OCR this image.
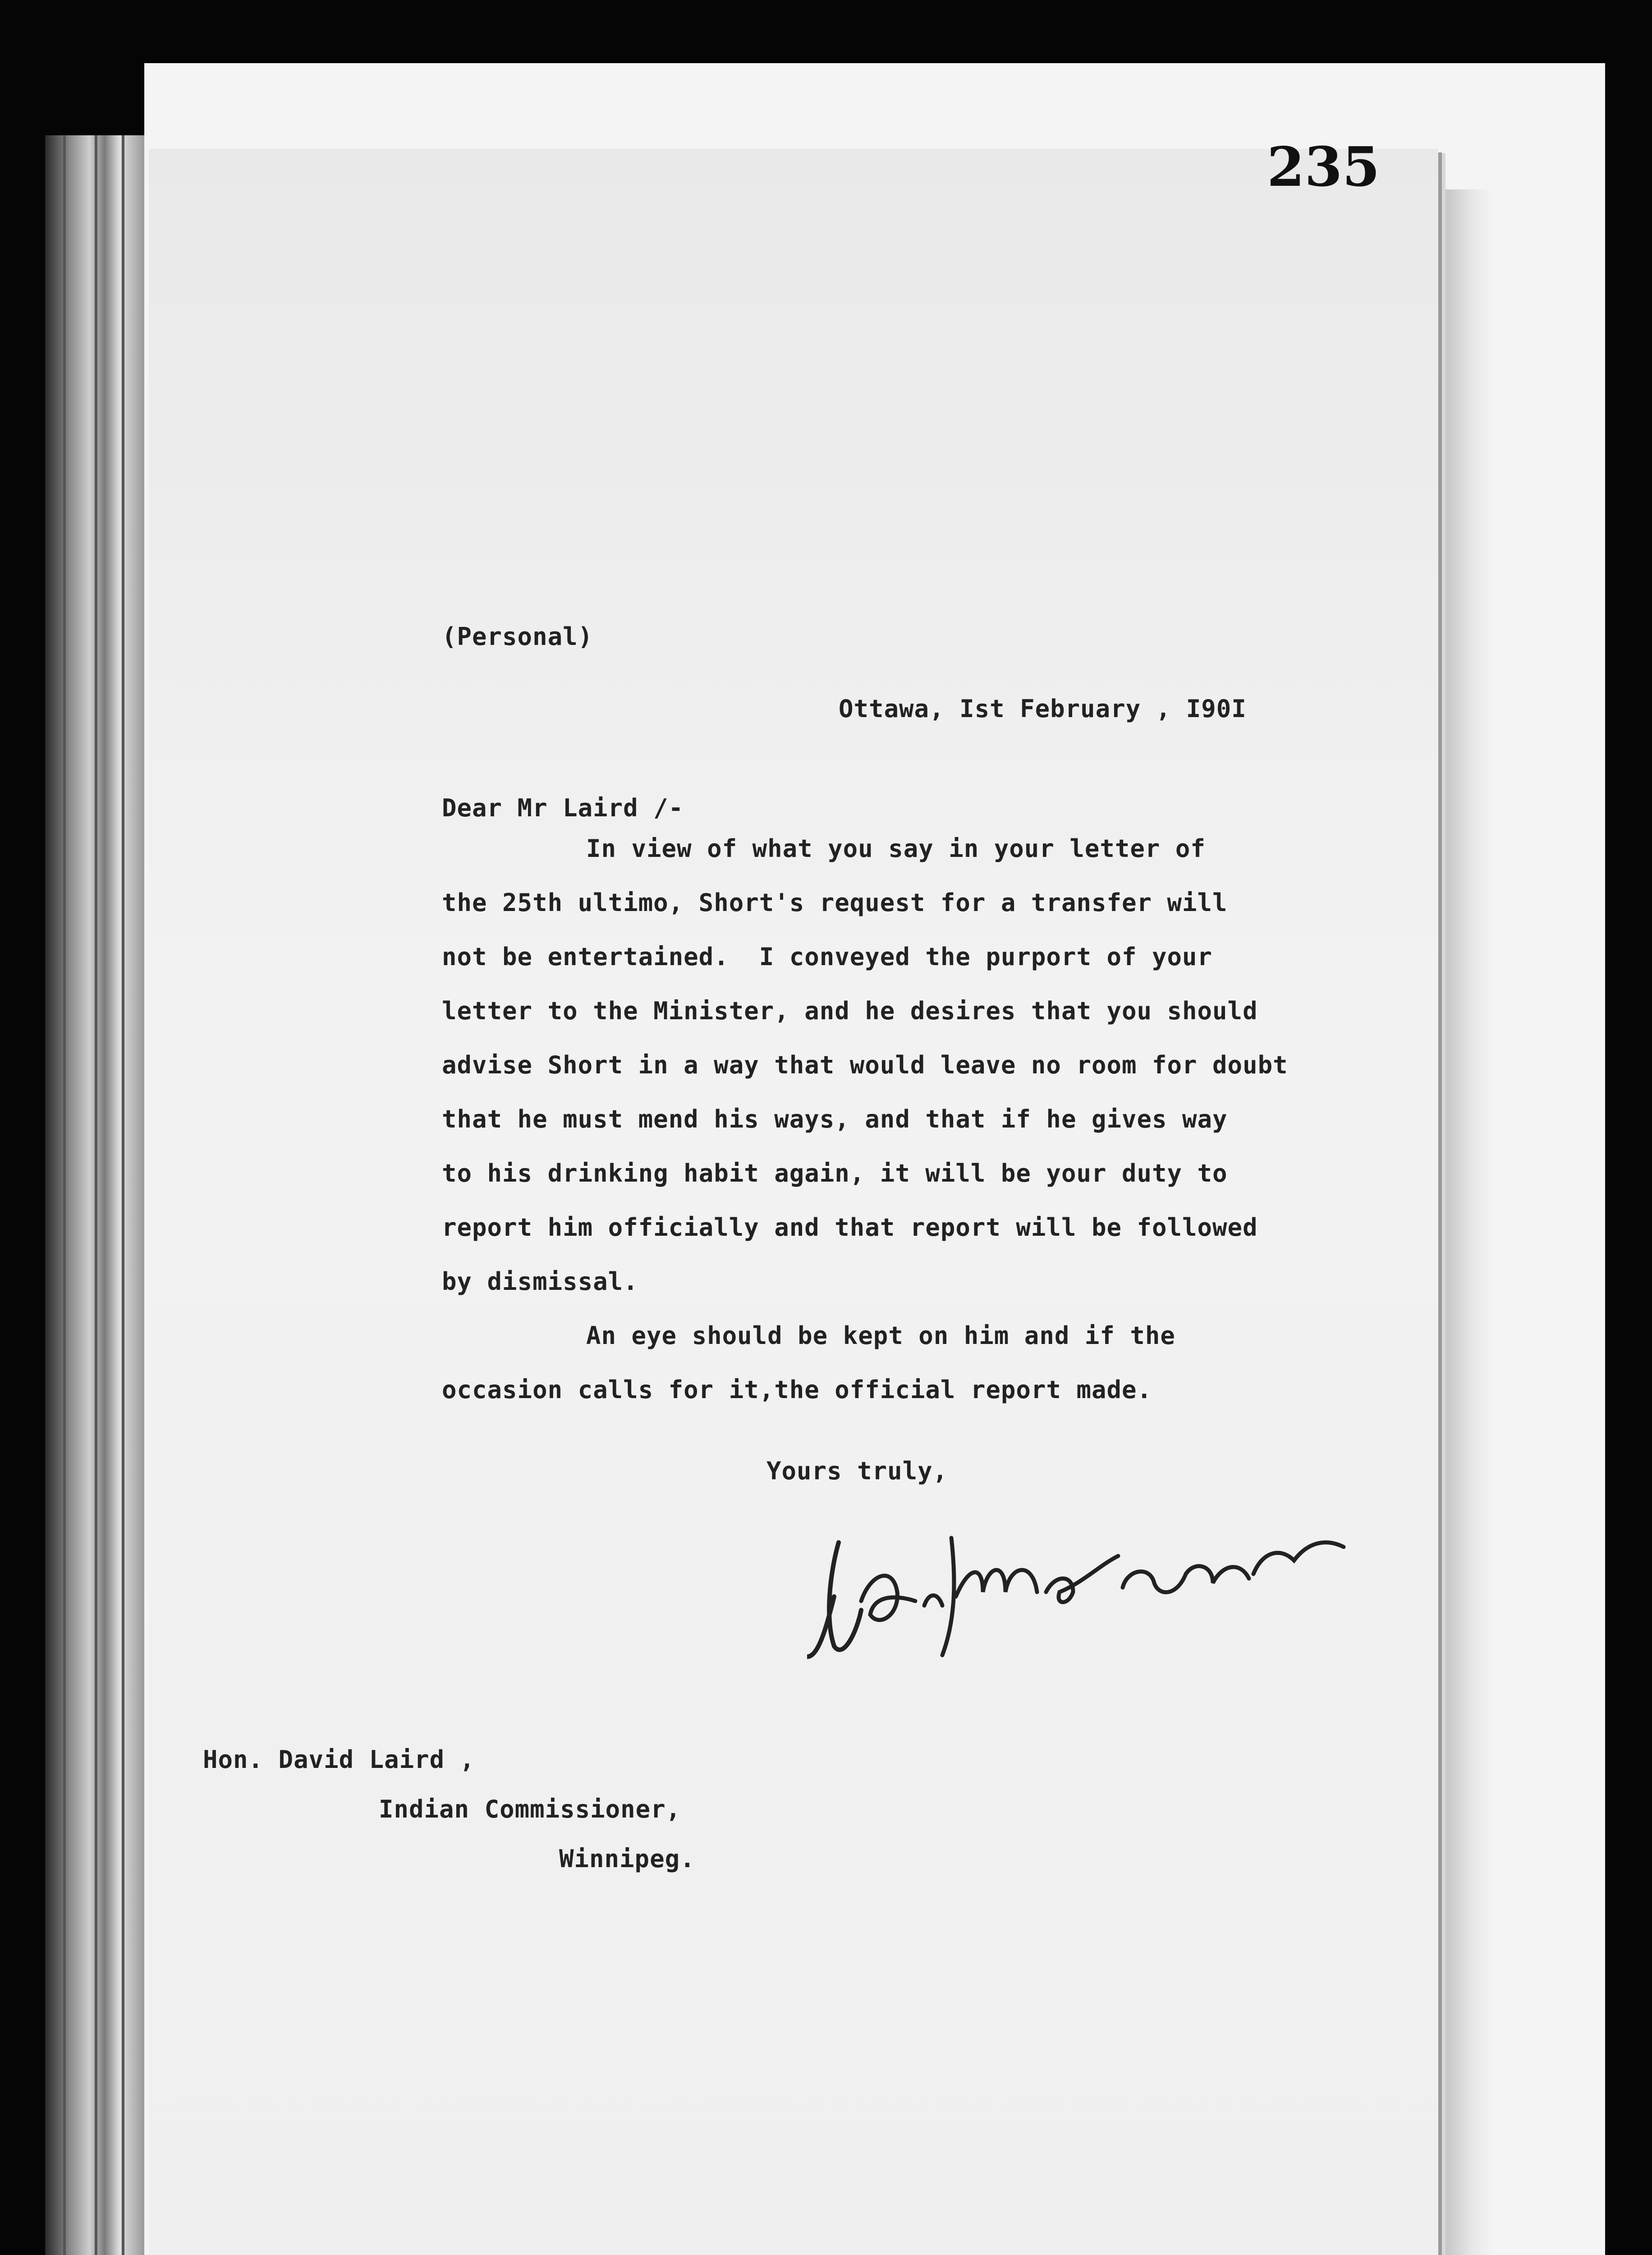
235
(Personal)
Ottawa, Ist February , I90I
Dear Mr Laird /-
In view of what you say in your letter of
the 25th ultimo, Short's request for a transfer will
not be entertained.  I conveyed the purport of your
letter to the Minister, and he desires that you should
advise Short in a way that would leave no room for doubt
that he must mend his ways, and that if he gives way
to his drinking habit again, it will be your duty to
report him officially and that report will be followed
by dismissal.
An eye should be kept on him and if the
occasion calls for it,the official report made.
Yours truly,
Hon. David Laird ,
Indian Commissioner,
Winnipeg.
